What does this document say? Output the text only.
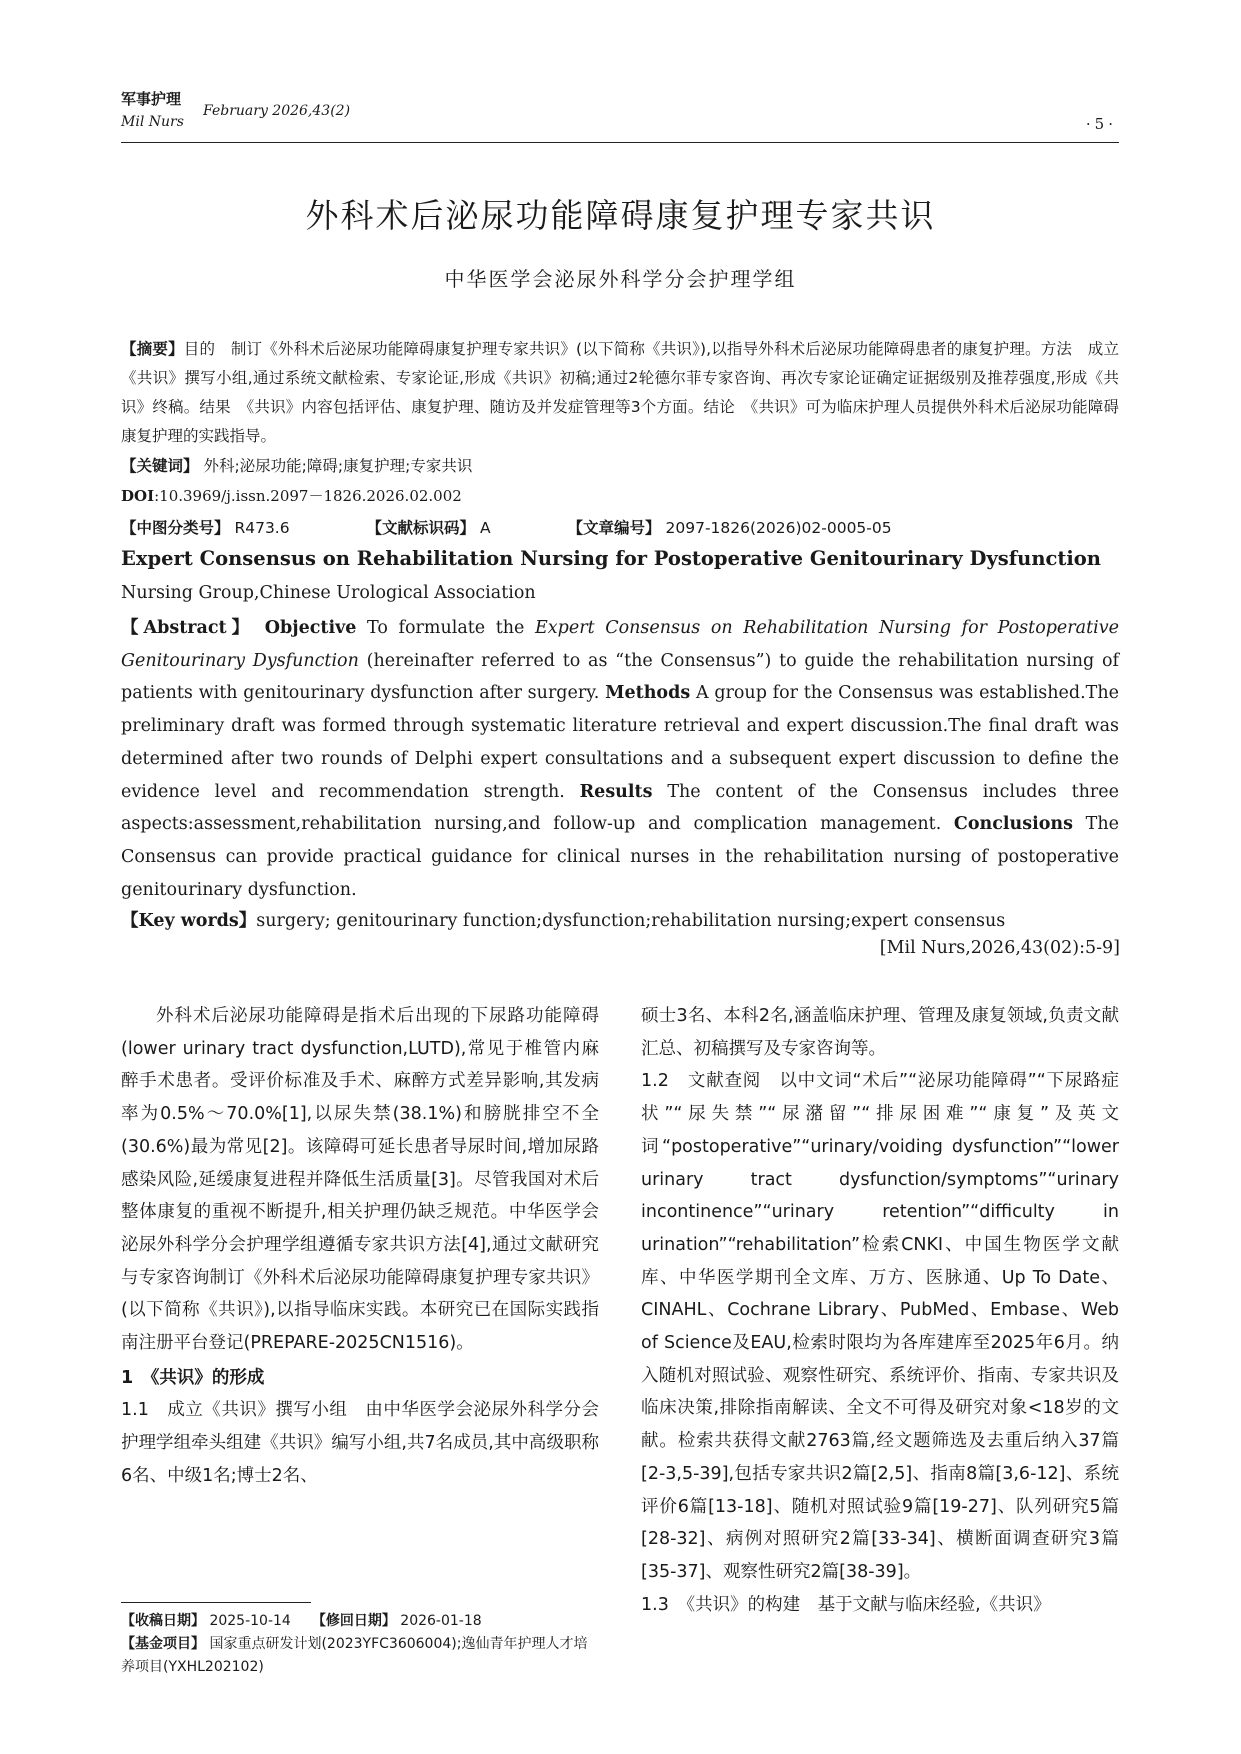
军事护理
Mil Nurs
February 2026,43(2)
·5·
外科术后泌尿功能障碍康复护理专家共识
中华医学会泌尿外科学分会护理学组

【摘要】目的　制订《外科术后泌尿功能障碍康复护理专家共识》(以下简称《共识》),以指导外科术后泌尿功能障碍患者的康复护理。方法　成立《共识》撰写小组,通过系统文献检索、专家论证,形成《共识》初稿;通过2轮德尔菲专家咨询、再次专家论证确定证据级别及推荐强度,形成《共识》终稿。结果　《共识》内容包括评估、康复护理、随访及并发症管理等3个方面。结论　《共识》可为临床护理人员提供外科术后泌尿功能障碍康复护理的实践指导。

【关键词】 外科;泌尿功能;障碍;康复护理;专家共识
DOI:10.3969/j.issn.2097－1826.2026.02.002
【中图分类号】 R473.6	【文献标识码】 A	【文章编号】 2097-1826(2026)02-0005-05
Expert Consensus on Rehabilitation Nursing for Postoperative Genitourinary Dysfunction
Nursing Group,Chinese Urological Association

【Abstract】 Objective To formulate the Expert Consensus on Rehabilitation Nursing for Postoperative Genitourinary Dysfunction (hereinafter referred to as “the Consensus”) to guide the rehabilitation nursing of patients with genitourinary dysfunction after surgery. Methods A group for the Consensus was established.The preliminary draft was formed through systematic literature retrieval and expert discussion.The final draft was determined after two rounds of Delphi expert consultations and a subsequent expert discussion to define the evidence level and recommendation strength. Results The content of the Consensus includes three aspects:assessment,rehabilitation nursing,and follow-up and complication management. Conclusions The Consensus can provide practical guidance for clinical nurses in the rehabilitation nursing of postoperative genitourinary dysfunction.

【Key words】surgery; genitourinary function;dysfunction;rehabilitation nursing;expert consensus
[Mil Nurs,2026,43(02):5-9]

外科术后泌尿功能障碍是指术后出现的下尿路功能障碍(lower urinary tract dysfunction,LUTD),常见于椎管内麻醉手术患者。受评价标准及手术、麻醉方式差异影响,其发病率为0.5%～70.0%[1],以尿失禁(38.1%)和膀胱排空不全(30.6%)最为常见[2]。该障碍可延长患者导尿时间,增加尿路感染风险,延缓康复进程并降低生活质量[3]。尽管我国对术后整体康复的重视不断提升,相关护理仍缺乏规范。中华医学会泌尿外科学分会护理学组遵循专家共识方法[4],通过文献研究与专家咨询制订《外科术后泌尿功能障碍康复护理专家共识》(以下简称《共识》),以指导临床实践。本研究已在国际实践指南注册平台登记(PREPARE-2025CN1516)。

1　《共识》的形成

1.1　成立《共识》撰写小组　由中华医学会泌尿外科学分会护理学组牵头组建《共识》编写小组,共7名成员,其中高级职称6名、中级1名;博士2名、

【收稿日期】 2025-10-14　　 【修回日期】 2026-01-18

【基金项目】 国家重点研发计划(2023YFC3606004);逸仙青年护理人才培养项目(YXHL202102)

硕士3名、本科2名,涵盖临床护理、管理及康复领域,负责文献汇总、初稿撰写及专家咨询等。

1.2　文献查阅　以中文词“术后”“泌尿功能障碍”“下尿路症状”“尿失禁”“尿潴留”“排尿困难”“康复”及英文词“postoperative”“urinary/voiding dysfunction”“lower urinary tract dysfunction/symptoms”“urinary incontinence”“urinary retention”“difficulty in urination”“rehabilitation”检索CNKI、中国生物医学文献库、中华医学期刊全文库、万方、医脉通、Up To Date、CINAHL、Cochrane Library、PubMed、Embase、Web of Science及EAU,检索时限均为各库建库至2025年6月。纳入随机对照试验、观察性研究、系统评价、指南、专家共识及临床决策,排除指南解读、全文不可得及研究对象<18岁的文献。检索共获得文献2763篇,经文题筛选及去重后纳入37篇[2-3,5-39],包括专家共识2篇[2,5]、指南8篇[3,6-12]、系统评价6篇[13-18]、随机对照试验9篇[19-27]、队列研究5篇[28-32]、病例对照研究2篇[33-34]、横断面调查研究3篇[35-37]、观察性研究2篇[38-39]。

1.3　《共识》的构建　基于文献与临床经验,《共识》
